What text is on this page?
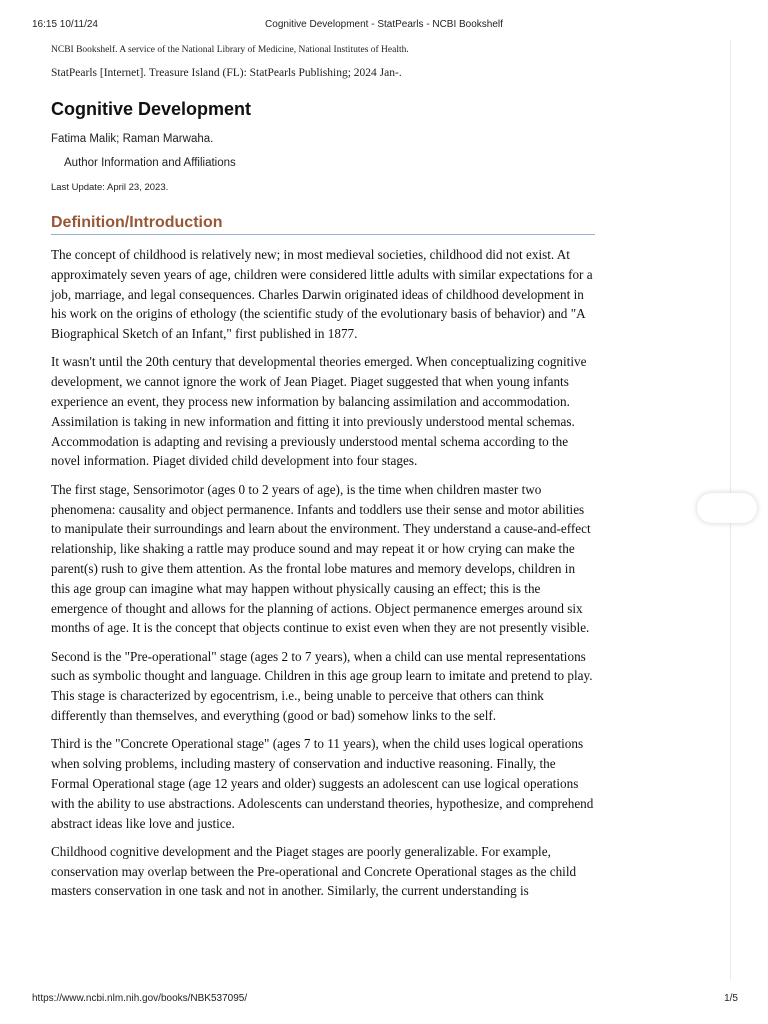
16:15 10/11/24	Cognitive Development - StatPearls - NCBI Bookshelf
NCBI Bookshelf. A service of the National Library of Medicine, National Institutes of Health.
StatPearls [Internet]. Treasure Island (FL): StatPearls Publishing; 2024 Jan-.
Cognitive Development
Fatima Malik; Raman Marwaha.
Author Information and Affiliations
Last Update: April 23, 2023.
Definition/Introduction

The concept of childhood is relatively new; in most medieval societies, childhood did not exist. At approximately seven years of age, children were considered little adults with similar expectations for a job, marriage, and legal consequences. Charles Darwin originated ideas of childhood development in his work on the origins of ethology (the scientific study of the evolutionary basis of behavior) and "A Biographical Sketch of an Infant," first published in 1877.

It wasn't until the 20th century that developmental theories emerged. When conceptualizing cognitive development, we cannot ignore the work of Jean Piaget. Piaget suggested that when young infants experience an event, they process new information by balancing assimilation and accommodation. Assimilation is taking in new information and fitting it into previously understood mental schemas. Accommodation is adapting and revising a previously understood mental schema according to the novel information. Piaget divided child development into four stages.

The first stage, Sensorimotor (ages 0 to 2 years of age), is the time when children master two phenomena: causality and object permanence. Infants and toddlers use their sense and motor abilities to manipulate their surroundings and learn about the environment. They understand a cause-and-effect relationship, like shaking a rattle may produce sound and may repeat it or how crying can make the parent(s) rush to give them attention. As the frontal lobe matures and memory develops, children in this age group can imagine what may happen without physically causing an effect; this is the emergence of thought and allows for the planning of actions. Object permanence emerges around six months of age. It is the concept that objects continue to exist even when they are not presently visible.

Second is the "Pre-operational" stage (ages 2 to 7 years), when a child can use mental representations such as symbolic thought and language. Children in this age group learn to imitate and pretend to play. This stage is characterized by egocentrism, i.e., being unable to perceive that others can think differently than themselves, and everything (good or bad) somehow links to the self.

Third is the "Concrete Operational stage" (ages 7 to 11 years), when the child uses logical operations when solving problems, including mastery of conservation and inductive reasoning. Finally, the Formal Operational stage (age 12 years and older) suggests an adolescent can use logical operations with the ability to use abstractions. Adolescents can understand theories, hypothesize, and comprehend abstract ideas like love and justice.

Childhood cognitive development and the Piaget stages are poorly generalizable. For example, conservation may overlap between the Pre-operational and Concrete Operational stages as the child masters conservation in one task and not in another. Similarly, the current understanding is

https://www.ncbi.nlm.nih.gov/books/NBK537095/	1/5
